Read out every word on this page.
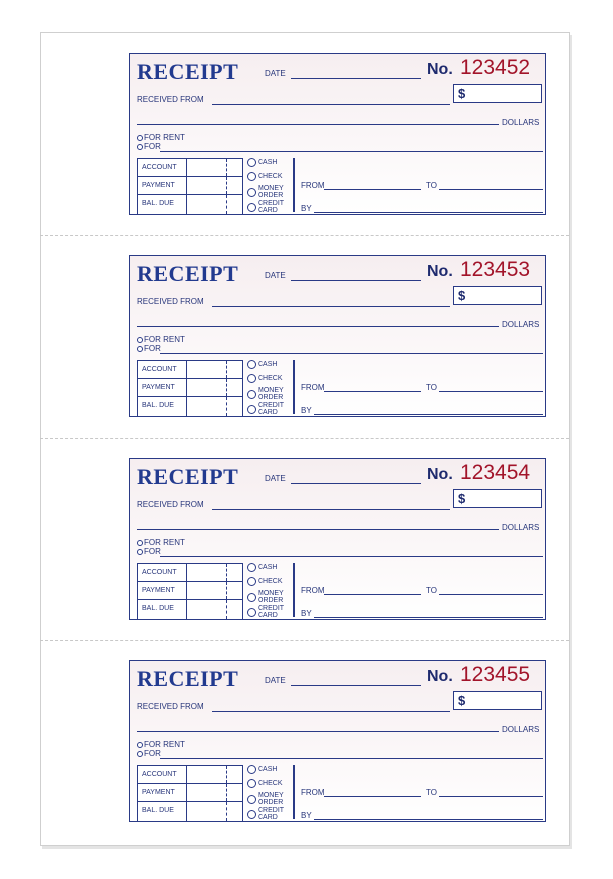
RECEIPT	DATE	No. 123452
$
RECEIVED FROM
DOLLARS
FOR RENT
FOR
ACCOUNT
PAYMENT
BAL. DUE
CASH
CHECK
MONEY
ORDER
CREDIT
CARD
FROM	TO
BY
RECEIPT	DATE	No. 123453
$
RECEIVED FROM
DOLLARS
FOR RENT
FOR
ACCOUNT
PAYMENT
BAL. DUE
CASH
CHECK
MONEY
ORDER
CREDIT
CARD
FROM	TO
BY
RECEIPT	DATE	No. 123454
$
RECEIVED FROM
DOLLARS
FOR RENT
FOR
ACCOUNT
PAYMENT
BAL. DUE
CASH
CHECK
MONEY
ORDER
CREDIT
CARD
FROM	TO
BY
RECEIPT	DATE	No. 123455
$
RECEIVED FROM
DOLLARS
FOR RENT
FOR
ACCOUNT
PAYMENT
BAL. DUE
CASH
CHECK
MONEY
ORDER
CREDIT
CARD
FROM	TO
BY
